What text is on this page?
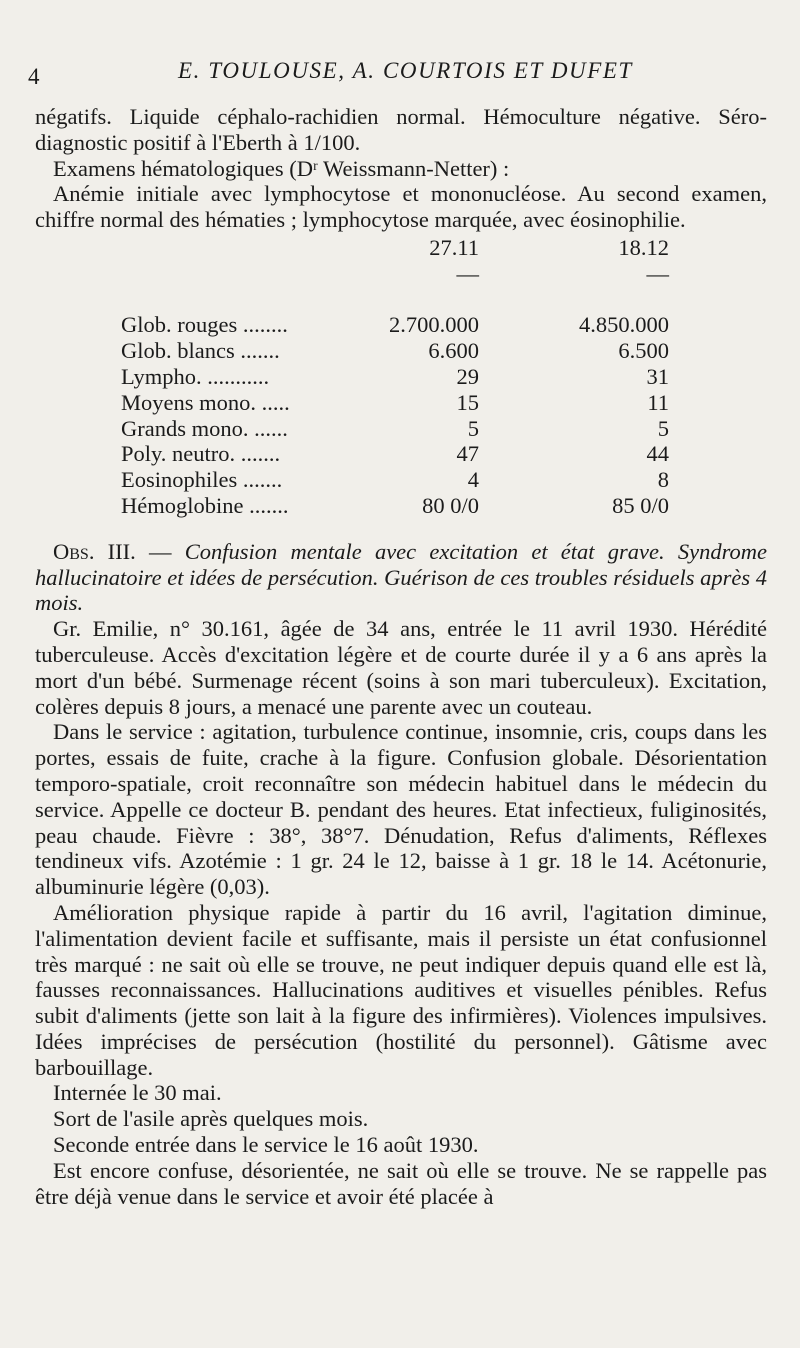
4	E. TOULOUSE, A. COURTOIS ET DUFET

négatifs. Liquide céphalo-rachidien normal. Hémoculture négative. Séro-diagnostic positif à l'Eberth à 1/100.

Examens hématologiques (Dʳ Weissmann-Netter) :

Anémie initiale avec lymphocytose et mononucléose. Au second examen, chiffre normal des hématies ; lymphocytose marquée, avec éosinophilie.

	27.11	18.12
	—	—

Glob. rouges ........	2.700.000	4.850.000
Glob. blancs .......	6.600	6.500
Lympho. ...........	29	31
Moyens mono. .....	15	11
Grands mono. ......	5	5
Poly. neutro. .......	47	44
Eosinophiles .......	4	8
Hémoglobine .......	80 0/0	85 0/0

Obs. III. — Confusion mentale avec excitation et état grave. Syndrome hallucinatoire et idées de persécution. Guérison de ces troubles résiduels après 4 mois.

Gr. Emilie, n° 30.161, âgée de 34 ans, entrée le 11 avril 1930. Hérédité tuberculeuse. Accès d'excitation légère et de courte durée il y a 6 ans après la mort d'un bébé. Surmenage récent (soins à son mari tuberculeux). Excitation, colères depuis 8 jours, a menacé une parente avec un couteau.

Dans le service : agitation, turbulence continue, insomnie, cris, coups dans les portes, essais de fuite, crache à la figure. Confusion globale. Désorientation temporo-spatiale, croit reconnaître son médecin habituel dans le médecin du service. Appelle ce docteur B. pendant des heures. Etat infectieux, fuliginosités, peau chaude. Fièvre : 38°, 38°7. Dénudation, Refus d'aliments, Réflexes tendineux vifs. Azotémie : 1 gr. 24 le 12, baisse à 1 gr. 18 le 14. Acétonurie, albuminurie légère (0,03).

Amélioration physique rapide à partir du 16 avril, l'agitation diminue, l'alimentation devient facile et suffisante, mais il persiste un état confusionnel très marqué : ne sait où elle se trouve, ne peut indiquer depuis quand elle est là, fausses reconnaissances. Hallucinations auditives et visuelles pénibles. Refus subit d'aliments (jette son lait à la figure des infirmières). Violences impulsives. Idées imprécises de persécution (hostilité du personnel). Gâtisme avec barbouillage.

Internée le 30 mai.

Sort de l'asile après quelques mois.

Seconde entrée dans le service le 16 août 1930.

Est encore confuse, désorientée, ne sait où elle se trouve. Ne se rappelle pas être déjà venue dans le service et avoir été placée à
